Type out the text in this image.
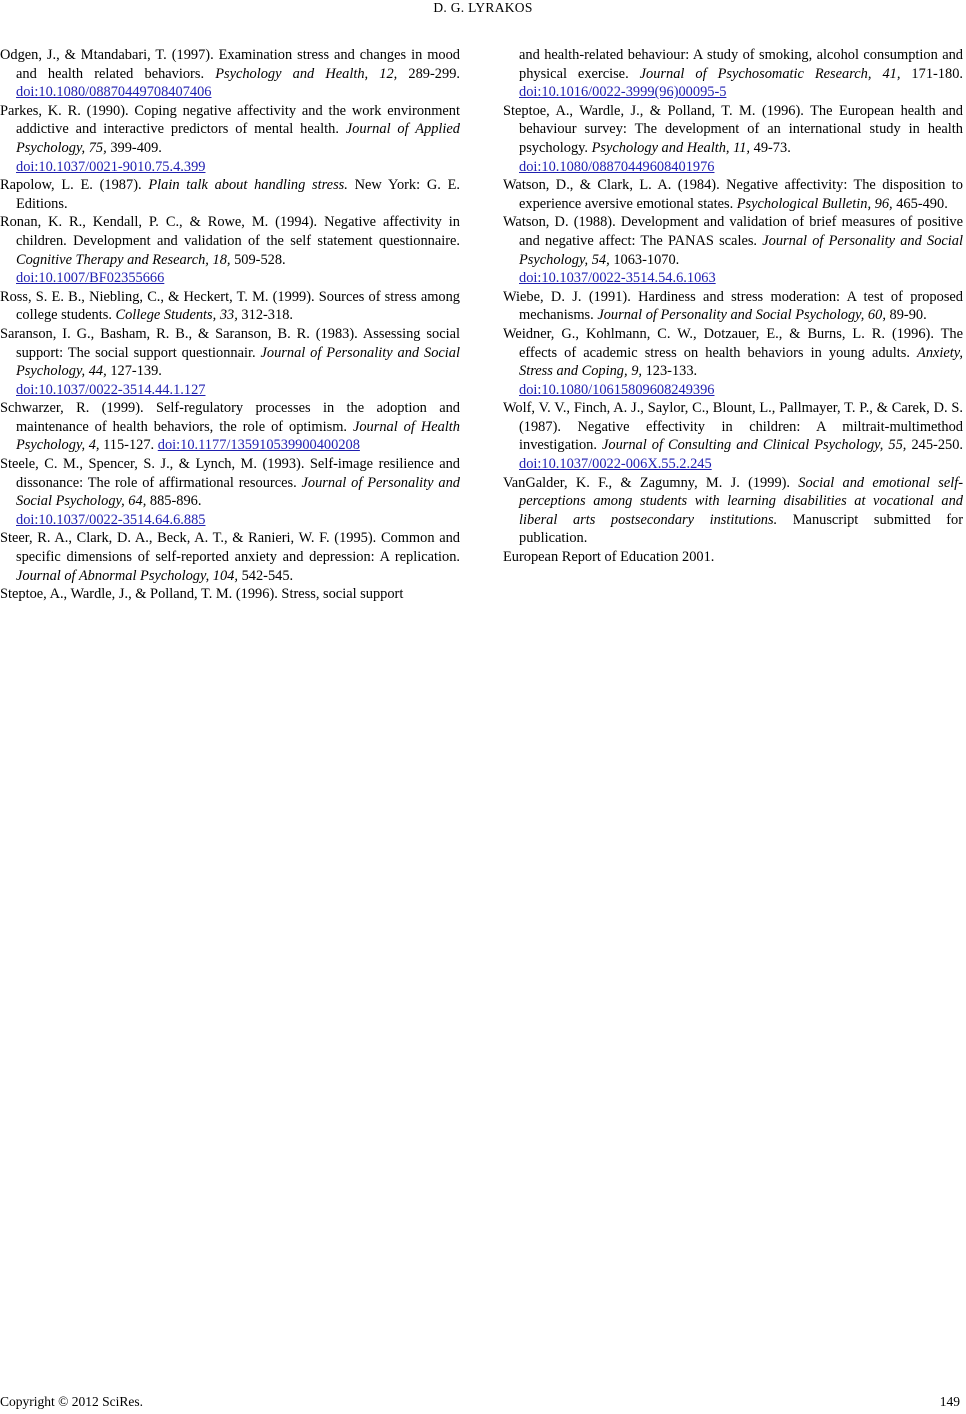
D. G. LYRAKOS

Odgen, J., & Mtandabari, T. (1997). Examination stress and changes in mood and health related behaviors. Psychology and Health, 12, 289-299. doi:10.1080/08870449708407406

Parkes, K. R. (1990). Coping negative affectivity and the work environment addictive and interactive predictors of mental health. Journal of Applied Psychology, 75, 399-409.
doi:10.1037/0021-9010.75.4.399

Rapolow, L. E. (1987). Plain talk about handling stress. New York: G. E. Editions.

Ronan, K. R., Kendall, P. C., & Rowe, M. (1994). Negative affectivity in children. Development and validation of the self statement questionnaire. Cognitive Therapy and Research, 18, 509-528.
doi:10.1007/BF02355666

Ross, S. E. B., Niebling, C., & Heckert, T. M. (1999). Sources of stress among college students. College Students, 33, 312-318.

Saranson, I. G., Basham, R. B., & Saranson, B. R. (1983). Assessing social support: The social support questionnair. Journal of Personality and Social Psychology, 44, 127-139.
doi:10.1037/0022-3514.44.1.127

Schwarzer, R. (1999). Self-regulatory processes in the adoption and maintenance of health behaviors, the role of optimism. Journal of Health Psychology, 4, 115-127. doi:10.1177/135910539900400208

Steele, C. M., Spencer, S. J., & Lynch, M. (1993). Self-image resilience and dissonance: The role of affirmational resources. Journal of Personality and Social Psychology, 64, 885-896.
doi:10.1037/0022-3514.64.6.885

Steer, R. A., Clark, D. A., Beck, A. T., & Ranieri, W. F. (1995). Common and specific dimensions of self-reported anxiety and depression: A replication. Journal of Abnormal Psychology, 104, 542-545.

Steptoe, A., Wardle, J., & Polland, T. M. (1996). Stress, social support

and health-related behaviour: A study of smoking, alcohol consumption and physical exercise. Journal of Psychosomatic Research, 41, 171-180. doi:10.1016/0022-3999(96)00095-5

Steptoe, A., Wardle, J., & Polland, T. M. (1996). The European health and behaviour survey: The development of an international study in health psychology. Psychology and Health, 11, 49-73.
doi:10.1080/08870449608401976

Watson, D., & Clark, L. A. (1984). Negative affectivity: The disposition to experience aversive emotional states. Psychological Bulletin, 96, 465-490.

Watson, D. (1988). Development and validation of brief measures of positive and negative affect: The PANAS scales. Journal of Personality and Social Psychology, 54, 1063-1070.
doi:10.1037/0022-3514.54.6.1063

Wiebe, D. J. (1991). Hardiness and stress moderation: A test of proposed mechanisms. Journal of Personality and Social Psychology, 60, 89-90.

Weidner, G., Kohlmann, C. W., Dotzauer, E., & Burns, L. R. (1996). The effects of academic stress on health behaviors in young adults. Anxiety, Stress and Coping, 9, 123-133.
doi:10.1080/10615809608249396

Wolf, V. V., Finch, A. J., Saylor, C., Blount, L., Pallmayer, T. P., & Carek, D. S. (1987). Negative effectivity in children: A miltrait-multimethod investigation. Journal of Consulting and Clinical Psychology, 55, 245-250. doi:10.1037/0022-006X.55.2.245

VanGalder, K. F., & Zagumny, M. J. (1999). Social and emotional self-perceptions among students with learning disabilities at vocational and liberal arts postsecondary institutions. Manuscript submitted for publication.

European Report of Education 2001.

Copyright © 2012 SciRes.	149
